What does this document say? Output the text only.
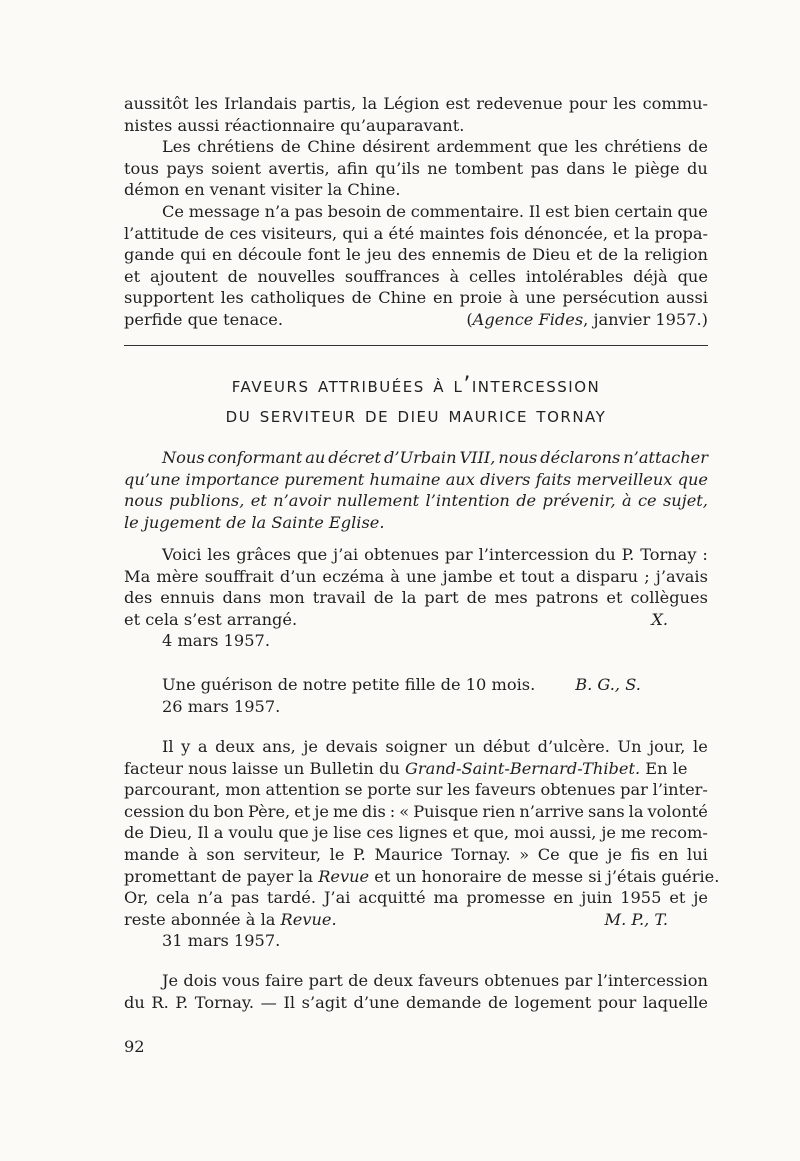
aussitôt les Irlandais partis, la Légion est redevenue pour les commu-
nistes aussi réactionnaire qu’auparavant.
Les chrétiens de Chine désirent ardemment que les chrétiens de
tous pays soient avertis, afin qu’ils ne tombent pas dans le piège du
démon en venant visiter la Chine.
Ce message n’a pas besoin de commentaire. Il est bien certain que
l’attitude de ces visiteurs, qui a été maintes fois dénoncée, et la propa-
gande qui en découle font le jeu des ennemis de Dieu et de la religion
et ajoutent de nouvelles souffrances à celles intolérables déjà que
supportent les catholiques de Chine en proie à une persécution aussi
perfide que tenace.	(Agence Fides, janvier 1957.)
faveurs attribuées à l’intercession
du serviteur de dieu maurice tornay
Nous conformant au décret d’Urbain VIII, nous déclarons n’attacher
qu’une importance purement humaine aux divers faits merveilleux que
nous publions, et n’avoir nullement l’intention de prévenir, à ce sujet,
le jugement de la Sainte Eglise.
Voici les grâces que j’ai obtenues par l’intercession du P. Tornay :
Ma mère souffrait d’un eczéma à une jambe et tout a disparu ; j’avais
des ennuis dans mon travail de la part de mes patrons et collègues
et cela s’est arrangé.	X.
4 mars 1957.
Une guérison de notre petite fille de 10 mois. B. G., S.
26 mars 1957.
Il y a deux ans, je devais soigner un début d’ulcère. Un jour, le
facteur nous laisse un Bulletin du Grand-Saint-Bernard-Thibet. En le
parcourant, mon attention se porte sur les faveurs obtenues par l’inter-
cession du bon Père, et je me dis : « Puisque rien n’arrive sans la volonté
de Dieu, Il a voulu que je lise ces lignes et que, moi aussi, je me recom-
mande à son serviteur, le P. Maurice Tornay. » Ce que je fis en lui
promettant de payer la Revue et un honoraire de messe si j’étais guérie.
Or, cela n’a pas tardé. J’ai acquitté ma promesse en juin 1955 et je
reste abonnée à la Revue.	M. P., T.
31 mars 1957.
Je dois vous faire part de deux faveurs obtenues par l’intercession
du R. P. Tornay. — Il s’agit d’une demande de logement pour laquelle
92
